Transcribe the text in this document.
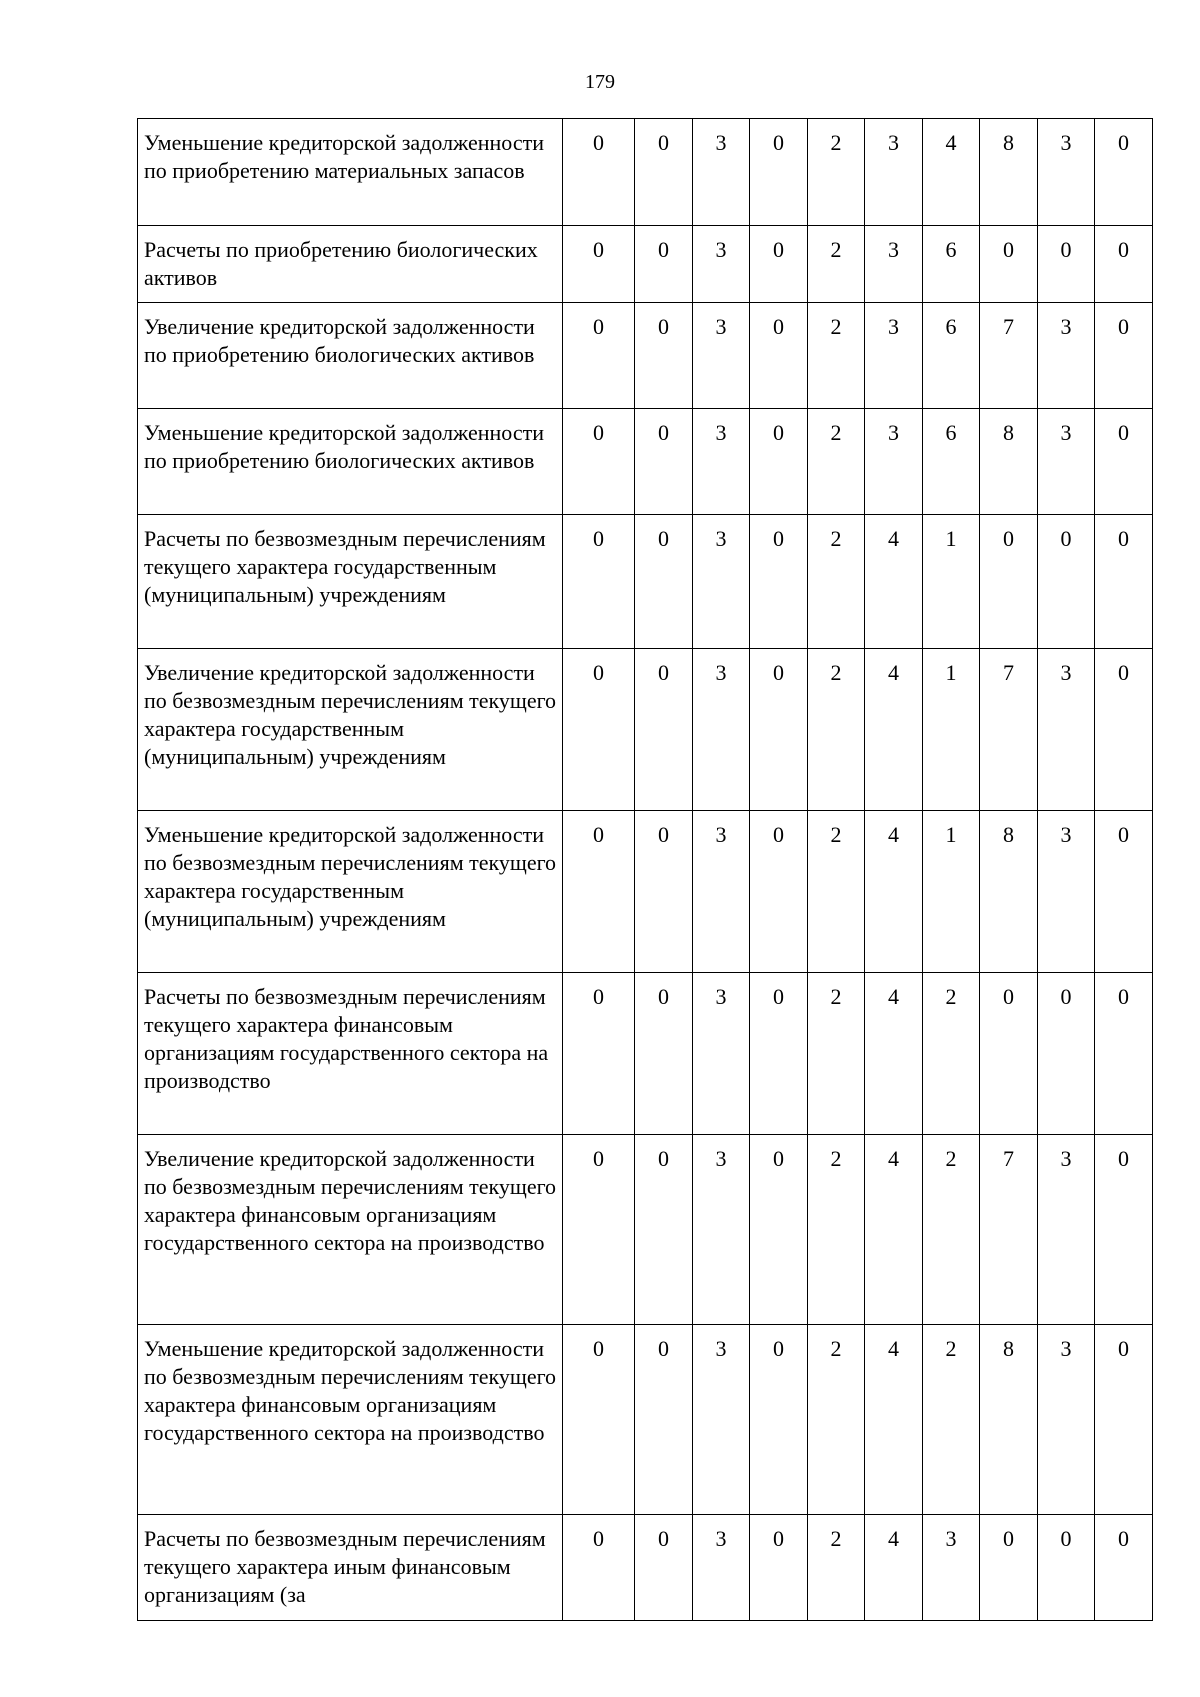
179
Уменьшение кредиторской задолженности по приобретению материальных запасов	0	0	3	0	2	3	4	8	3	0
Расчеты по приобретению биологических активов	0	0	3	0	2	3	6	0	0	0
Увеличение кредиторской задолженности по приобретению биологических активов	0	0	3	0	2	3	6	7	3	0
Уменьшение кредиторской задолженности по приобретению биологических активов	0	0	3	0	2	3	6	8	3	0
Расчеты по безвозмездным перечислениям текущего характера государственным (муниципальным) учреждениям	0	0	3	0	2	4	1	0	0	0
Увеличение кредиторской задолженности по безвозмездным перечислениям текущего характера государственным (муниципальным) учреждениям	0	0	3	0	2	4	1	7	3	0
Уменьшение кредиторской задолженности по безвозмездным перечислениям текущего характера государственным (муниципальным) учреждениям	0	0	3	0	2	4	1	8	3	0
Расчеты по безвозмездным перечислениям текущего характера финансовым организациям государственного сектора на производство	0	0	3	0	2	4	2	0	0	0
Увеличение кредиторской задолженности по безвозмездным перечислениям текущего характера финансовым организациям государственного сектора на производство	0	0	3	0	2	4	2	7	3	0
Уменьшение кредиторской задолженности по безвозмездным перечислениям текущего характера финансовым организациям государственного сектора на производство	0	0	3	0	2	4	2	8	3	0
Расчеты по безвозмездным перечислениям текущего характера иным финансовым организациям (за	0	0	3	0	2	4	3	0	0	0
